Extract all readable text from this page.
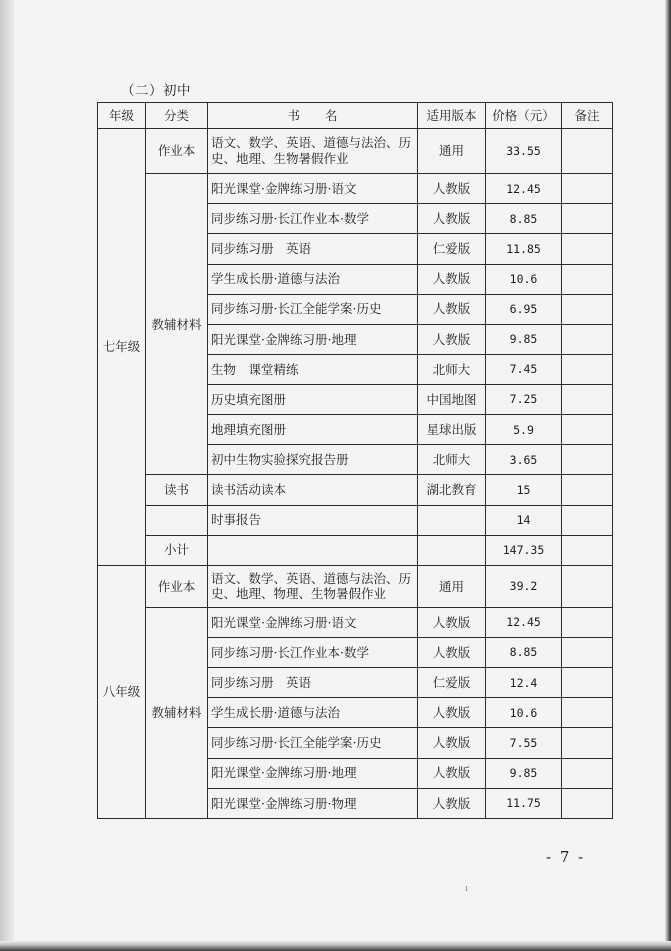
（二）初中
年级	分类	书　　名	适用版本	价格（元）	备注
七年级	作业本	语文、数学、英语、道德与法治、历史、地理、生物暑假作业	通用	33.55	
	教辅材料	阳光课堂·金牌练习册·语文	人教版	12.45	
		同步练习册·长江作业本·数学	人教版	8.85	
		同步练习册　英语	仁爱版	11.85	
		学生成长册·道德与法治	人教版	10.6	
		同步练习册·长江全能学案·历史	人教版	6.95	
		阳光课堂·金牌练习册·地理	人教版	9.85	
		生物　课堂精练	北师大	7.45	
		历史填充图册	中国地图	7.25	
		地理填充图册	星球出版	5.9	
		初中生物实验探究报告册	北师大	3.65	
	读书	读书活动读本	湖北教育	15	
		时事报告		14	
	小计			147.35	
八年级	作业本	语文、数学、英语、道德与法治、历史、地理、物理、生物暑假作业	通用	39.2	
	教辅材料	阳光课堂·金牌练习册·语文	人教版	12.45	
		同步练习册·长江作业本·数学	人教版	8.85	
		同步练习册　英语	仁爱版	12.4	
		学生成长册·道德与法治	人教版	10.6	
		同步练习册·长江全能学案·历史	人教版	7.55	
		阳光课堂·金牌练习册·地理	人教版	9.85	
		阳光课堂·金牌练习册·物理	人教版	11.75	
- 7 -
ı
